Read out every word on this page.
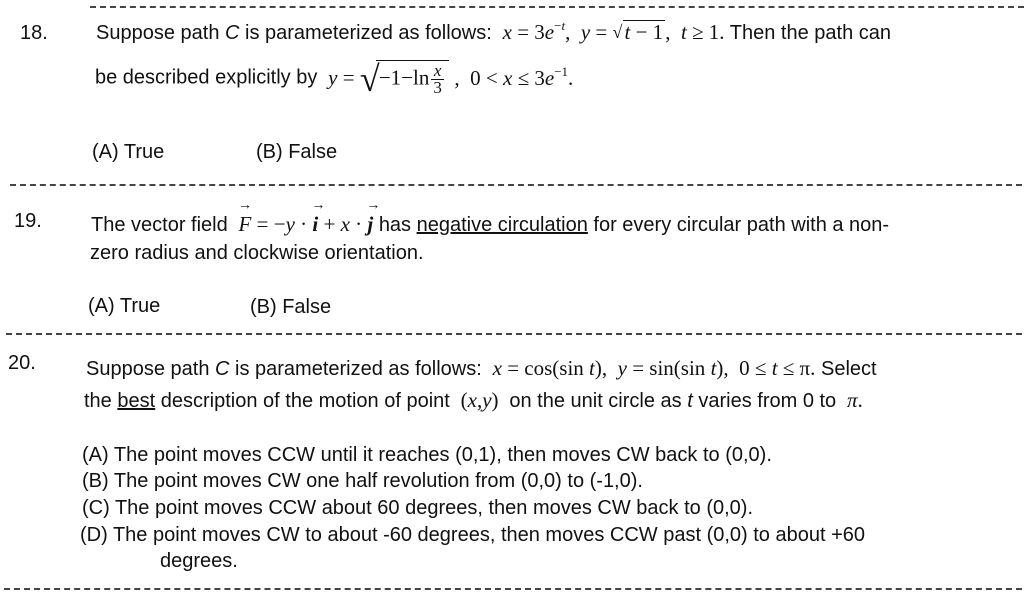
18. Suppose path C is parameterized as follows: $x = 3e^{-t}$,  y = √ t − 1,  t ≥ 1. Then the path can
be described explicitly by y = √ $-1-\ln \frac{x}{3}$ ,  $0 < x \le 3e^{-1}$.
(A) True	(B) False
19. The vector field F
→
= −y · i
→
+ x · j
→
has negative circulation for every circular path with a non-
zero radius and clockwise orientation.
(A) True	(B) False
20.	Suppose path C is parameterized as follows: x = cos(sin t),  y = sin(sin t),  0 ≤ t ≤ π. Select
the best description of the motion of point  (x,y)  on the unit circle as t varies from 0 to π.
(A) The point moves CCW until it reaches (0,1), then moves CW back to (0,0).
(B) The point moves CW one half revolution from (0,0) to (-1,0).
(C) The point moves CCW about 60 degrees, then moves CW back to (0,0).
(D) The point moves CW to about -60 degrees, then moves CCW past (0,0) to about +60
degrees.
